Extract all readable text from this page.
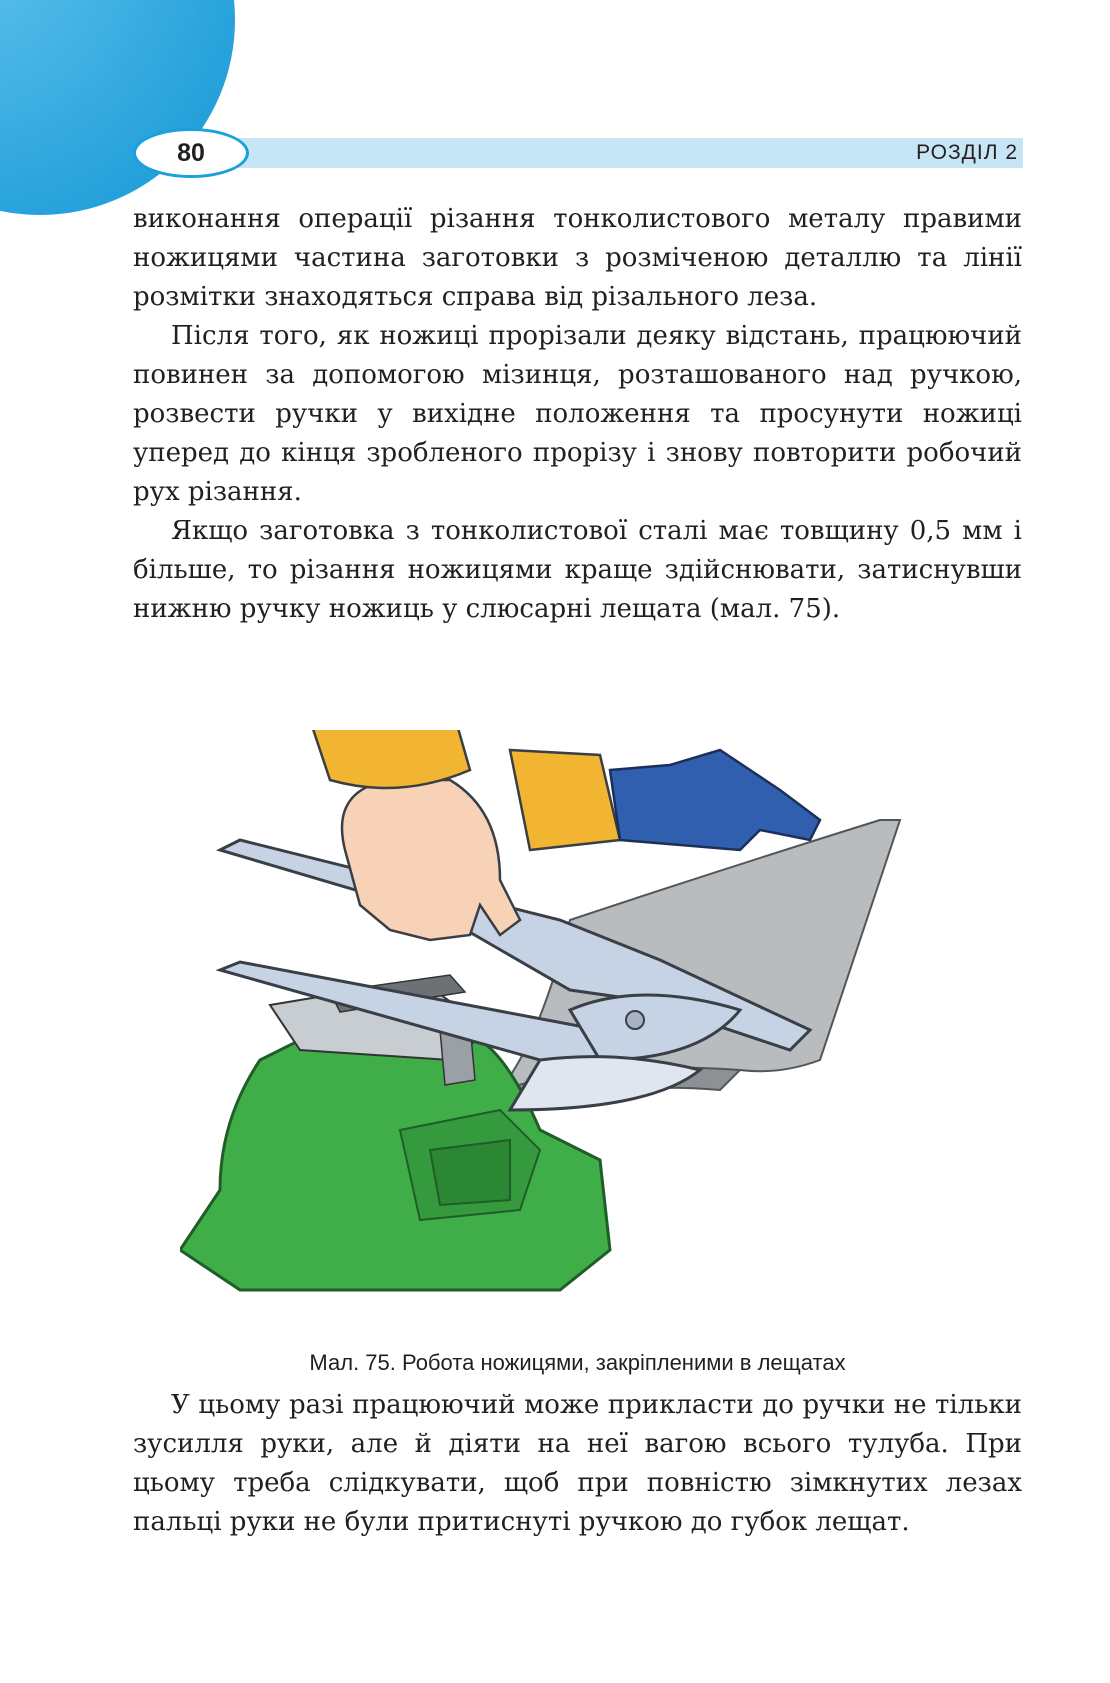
80	РОЗДІЛ 2

виконання операції різання тонколистового металу правими ножицями частина заготовки з розміченою деталлю та лінії розмітки знаходяться справа від різального леза.

Після того, як ножиці прорізали деяку відстань, працюючий повинен за допомогою мізинця, розташованого над ручкою, розвести ручки у вихідне положення та просунути ножиці уперед до кінця зробленого прорізу і знову повторити робочий рух різання.

Якщо заготовка з тонколистової сталі має товщину 0,5 мм і більше, то різання ножицями краще здійснювати, затиснувши нижню ручку ножиць у слюсарні лещата (мал. 75).

Мал. 75. Робота ножицями, закріпленими в лещатах

У цьому разі працюючий може прикласти до ручки не тільки зусилля руки, але й діяти на неї вагою всього тулуба. При цьому треба слідкувати, щоб при повністю зімкнутих лезах пальці руки не були притиснуті ручкою до губок лещат.
